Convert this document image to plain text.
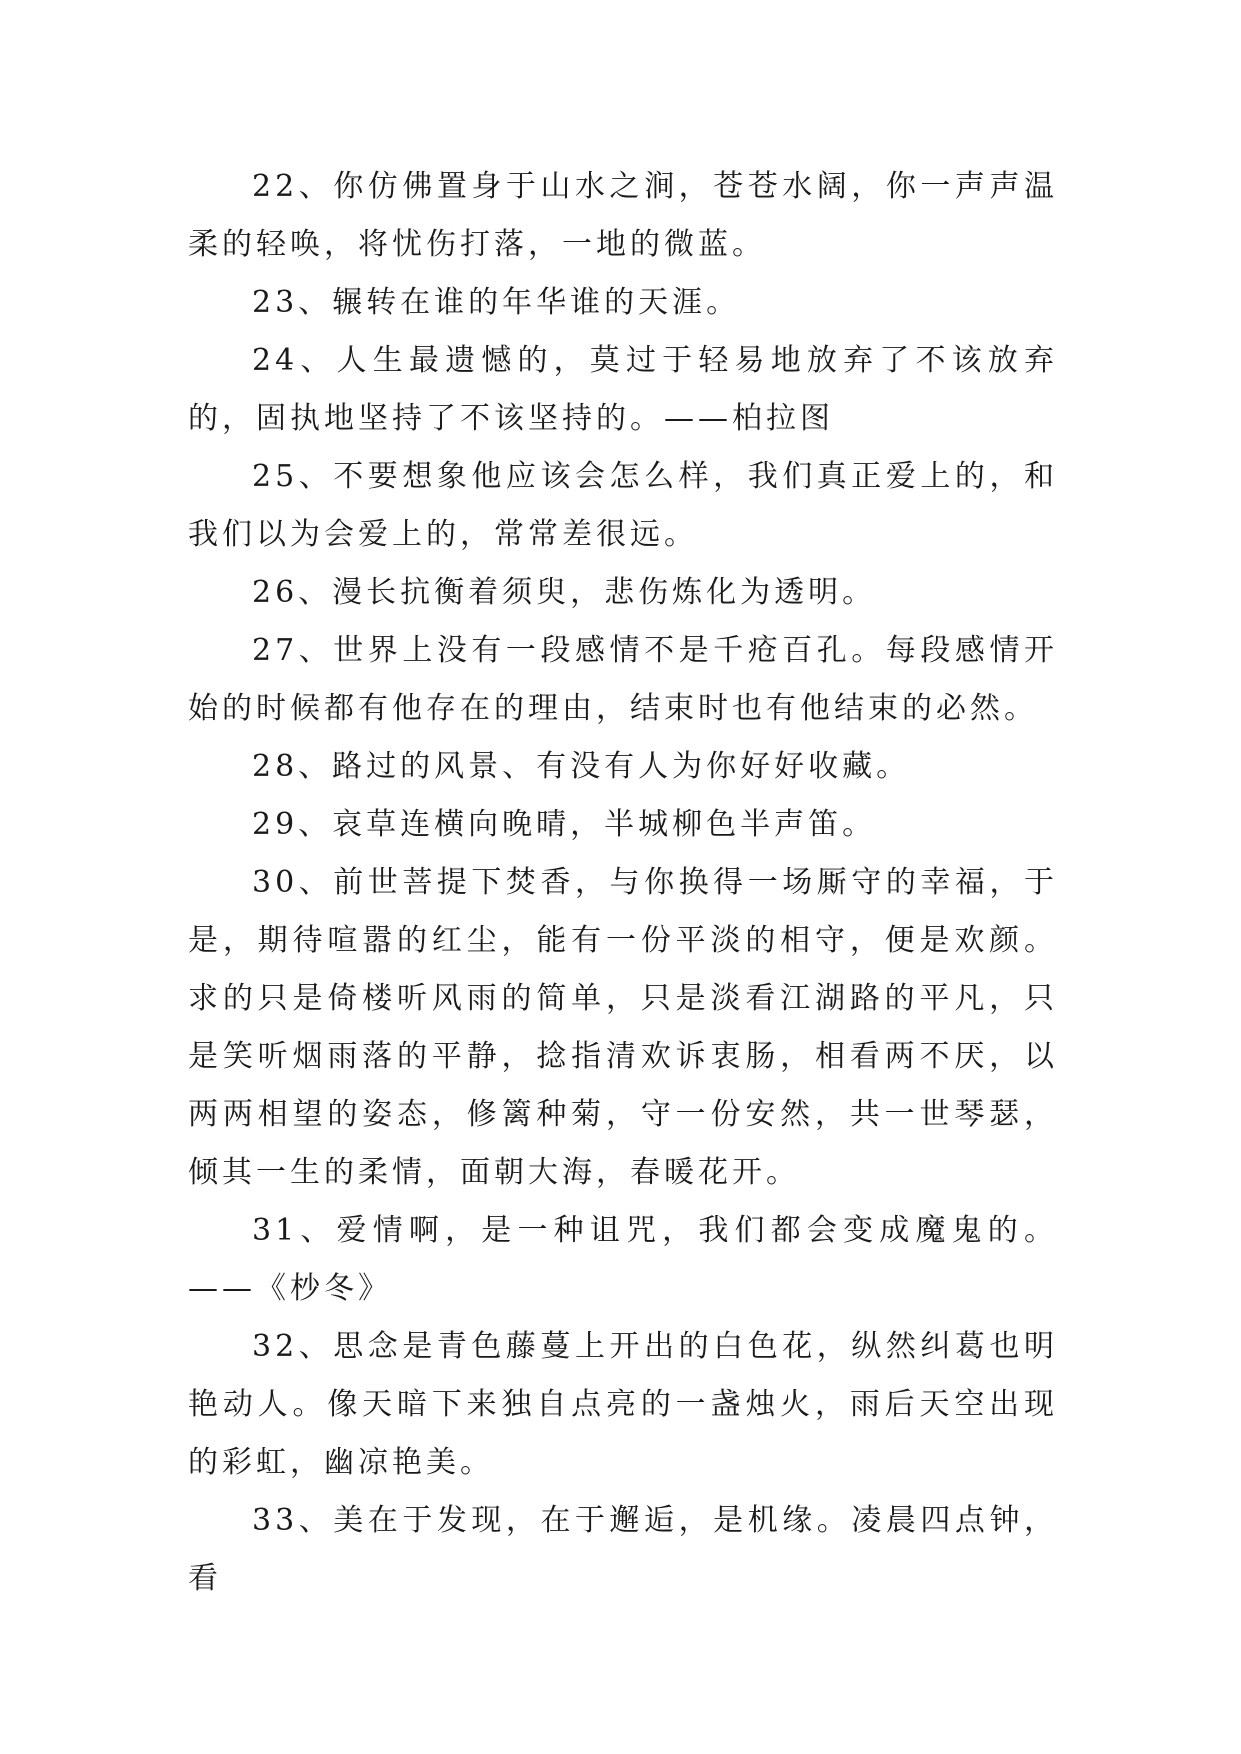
22、你仿佛置身于山水之涧，苍苍水阔，你一声声温柔的轻唤，将忧伤打落，一地的微蓝。

23、辗转在谁的年华谁的天涯。

24、人生最遗憾的，莫过于轻易地放弃了不该放弃的，固执地坚持了不该坚持的。——柏拉图

25、不要想象他应该会怎么样，我们真正爱上的，和我们以为会爱上的，常常差很远。

26、漫长抗衡着须臾，悲伤炼化为透明。

27、世界上没有一段感情不是千疮百孔。每段感情开始的时候都有他存在的理由，结束时也有他结束的必然。

28、路过的风景、有没有人为你好好收藏。

29、哀草连横向晚晴，半城柳色半声笛。

30、前世菩提下焚香，与你换得一场厮守的幸福，于是，期待喧嚣的红尘，能有一份平淡的相守，便是欢颜。求的只是倚楼听风雨的简单，只是淡看江湖路的平凡，只是笑听烟雨落的平静，捻指清欢诉衷肠，相看两不厌，以两两相望的姿态，修篱种菊，守一份安然，共一世琴瑟，倾其一生的柔情，面朝大海，春暖花开。

31、爱情啊，是一种诅咒，我们都会变成魔鬼的。——《杪冬》

32、思念是青色藤蔓上开出的白色花，纵然纠葛也明艳动人。像天暗下来独自点亮的一盏烛火，雨后天空出现的彩虹，幽凉艳美。

33、美在于发现，在于邂逅，是机缘。凌晨四点钟，看
